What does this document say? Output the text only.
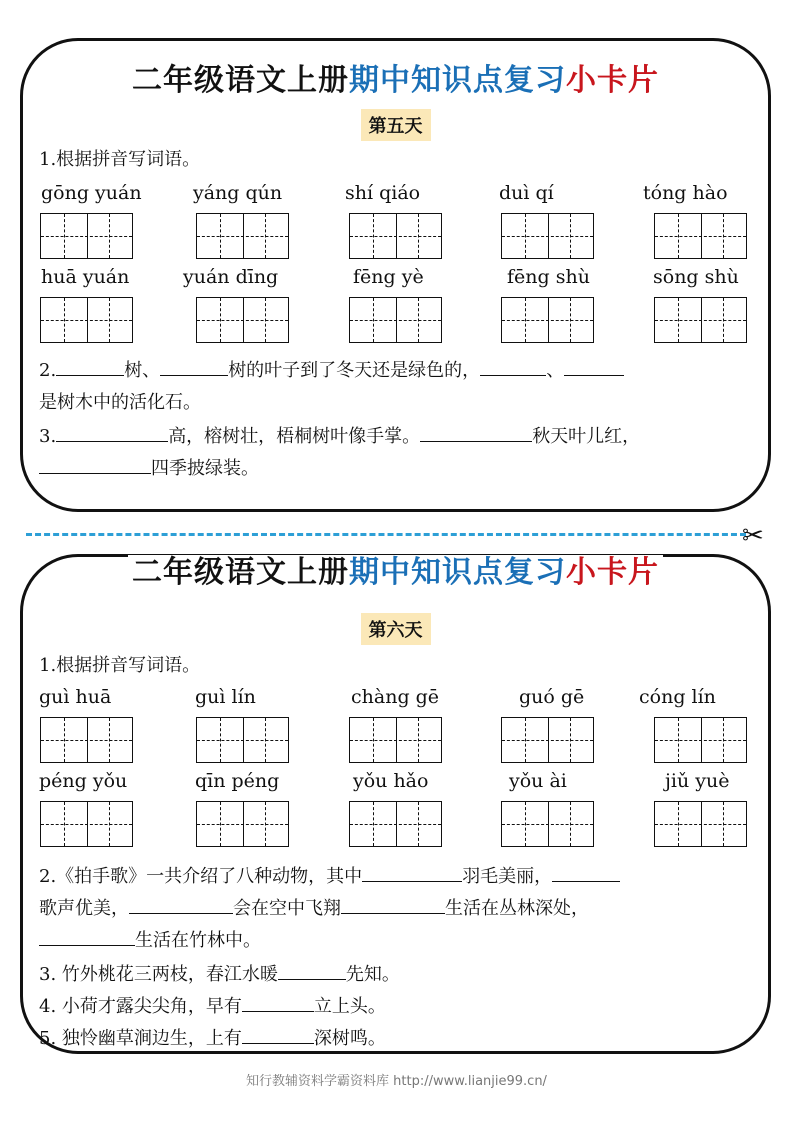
二年级语文上册期中知识点复习小卡片
第五天
1.根据拼音写词语。
gōng yuán	yáng qún	shí qiáo	duì qí	tóng hào
huā yuán	yuán dīng	fēng yè	fēng shù	sōng shù
2.	树、	树的叶子到了冬天还是绿色的，	、
是树木中的活化石。
3.	高，榕树壮，梧桐树叶像手掌。	秋天叶儿红，
四季披绿装。
✂
二年级语文上册期中知识点复习小卡片
第六天
1.根据拼音写词语。
guì huā	guì lín	chàng gē	guó gē	cóng lín
péng yǒu	qīn péng	yǒu hǎo	yǒu ài	jiǔ yuè
2.《拍手歌》一共介绍了八种动物，其中	羽毛美丽，
歌声优美，	会在空中飞翔	生活在丛林深处，
生活在竹林中。
3. 竹外桃花三两枝，春江水暖	先知。
4. 小荷才露尖尖角，早有	立上头。
5. 独怜幽草涧边生，上有	深树鸣。
知行教辅资料学霸资料库 http://www.lianjie99.cn/
